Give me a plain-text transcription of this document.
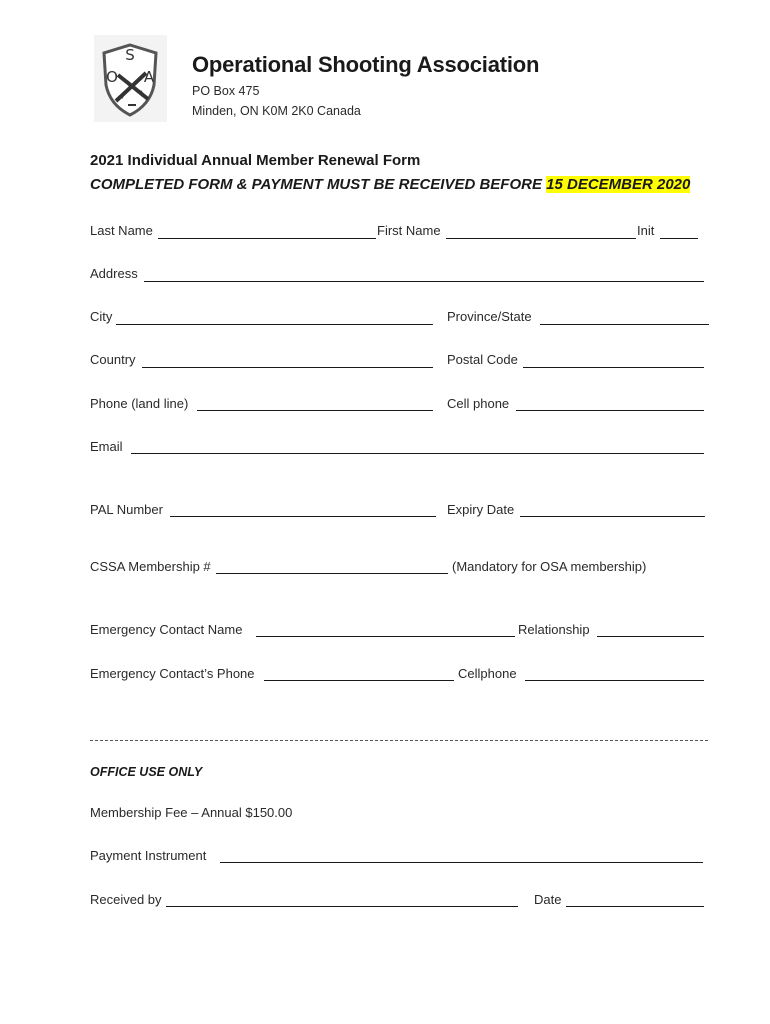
S
O A Operational Shooting Association
PO Box 475
Minden, ON K0M 2K0 Canada
2021 Individual Annual Member Renewal Form
COMPLETED FORM & PAYMENT MUST BE RECEIVED BEFORE 15 DECEMBER 2020
Last Name	First Name	Init
Address
City	Province/State
Country	Postal Code
Phone (land line)	Cell phone
Email
PAL Number	Expiry Date
CSSA Membership #	(Mandatory for OSA membership)
Emergency Contact Name	Relationship
Emergency Contact’s Phone	Cellphone
OFFICE USE ONLY
Membership Fee – Annual $150.00
Payment Instrument
Received by	Date
